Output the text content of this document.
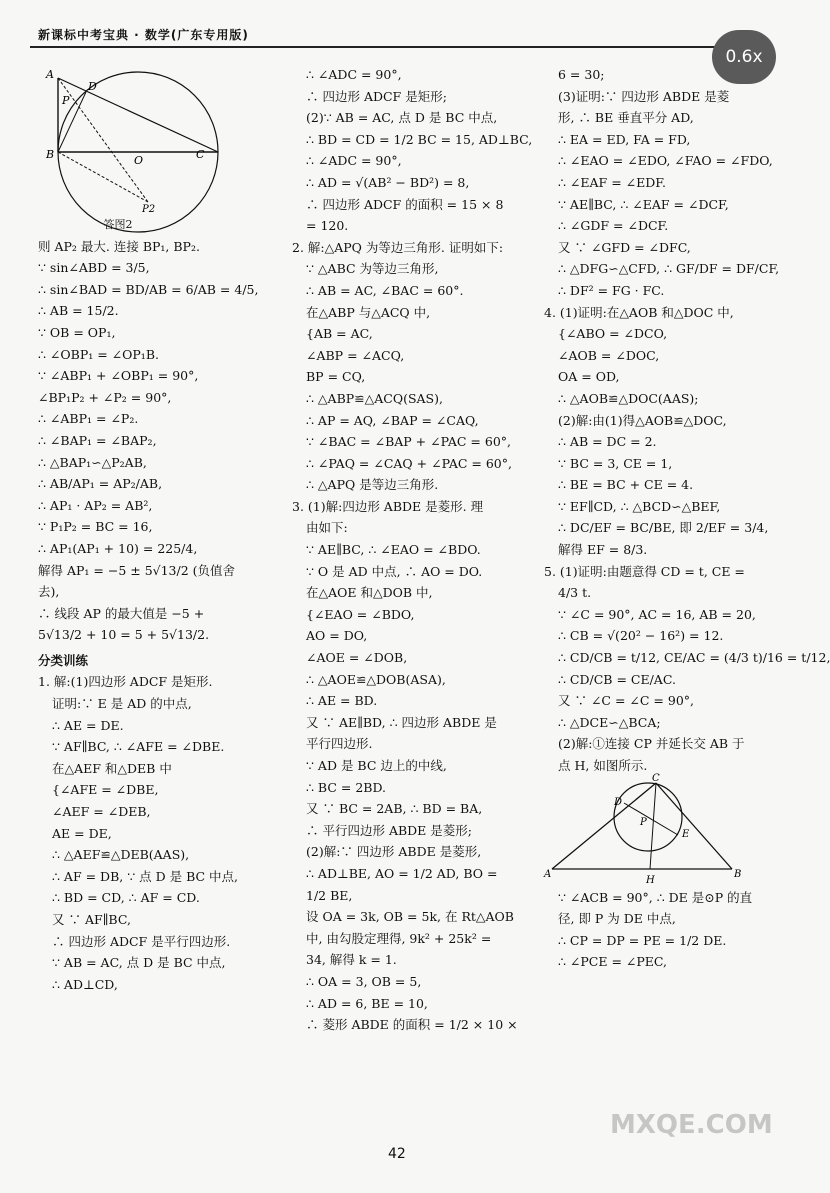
新课标中考宝典 · 数学(广东专用版)
0.6x
A
P
D
B	O	C
P2
答图2

则 AP₂ 最大. 连接 BP₁, BP₂.

∵ sin∠ABD = 3/5,

∴ sin∠BAD = BD/AB = 6/AB = 4/5,

∴ AB = 15/2.

∵ OB = OP₁,

∴ ∠OBP₁ = ∠OP₁B.

∵ ∠ABP₁ + ∠OBP₁ = 90°,

∠BP₁P₂ + ∠P₂ = 90°,

∴ ∠ABP₁ = ∠P₂.

∴ ∠BAP₁ = ∠BAP₂,

∴ △BAP₁∽△P₂AB,

∴ AB/AP₁ = AP₂/AB,

∴ AP₁ · AP₂ = AB²,

∵ P₁P₂ = BC = 16,

∴ AP₁(AP₁ + 10) = 225/4,

解得 AP₁ = −5 ± 5√13/2 (负值舍

去),

∴ 线段 AP 的最大值是 −5 +

5√13/2 + 10 = 5 + 5√13/2.

分类训练

1. 解:(1)四边形 ADCF 是矩形.

证明:∵ E 是 AD 的中点,

∴ AE = DE.

∵ AF∥BC, ∴ ∠AFE = ∠DBE.

在△AEF 和△DEB 中

{∠AFE = ∠DBE,

∠AEF = ∠DEB,

AE = DE,

∴ △AEF≌△DEB(AAS),

∴ AF = DB, ∵ 点 D 是 BC 中点,

∴ BD = CD, ∴ AF = CD.

又 ∵ AF∥BC,

∴ 四边形 ADCF 是平行四边形.

∵ AB = AC, 点 D 是 BC 中点,

∴ AD⊥CD,

∴ ∠ADC = 90°,

∴ 四边形 ADCF 是矩形;

(2)∵ AB = AC, 点 D 是 BC 中点,

∴ BD = CD = 1/2 BC = 15, AD⊥BC,

∴ ∠ADC = 90°,

∴ AD = √(AB² − BD²) = 8,

∴ 四边形 ADCF 的面积 = 15 × 8

= 120.

2. 解:△APQ 为等边三角形. 证明如下:

∵ △ABC 为等边三角形,

∴ AB = AC, ∠BAC = 60°.

在△ABP 与△ACQ 中,

{AB = AC,

∠ABP = ∠ACQ,

BP = CQ,

∴ △ABP≌△ACQ(SAS),

∴ AP = AQ, ∠BAP = ∠CAQ,

∵ ∠BAC = ∠BAP + ∠PAC = 60°,

∴ ∠PAQ = ∠CAQ + ∠PAC = 60°,

∴ △APQ 是等边三角形.

3. (1)解:四边形 ABDE 是菱形. 理

由如下:

∵ AE∥BC, ∴ ∠EAO = ∠BDO.

∵ O 是 AD 中点, ∴ AO = DO.

在△AOE 和△DOB 中,

{∠EAO = ∠BDO,

AO = DO,

∠AOE = ∠DOB,

∴ △AOE≌△DOB(ASA),

∴ AE = BD.

又 ∵ AE∥BD, ∴ 四边形 ABDE 是

平行四边形.

∵ AD 是 BC 边上的中线,

∴ BC = 2BD.

又 ∵ BC = 2AB, ∴ BD = BA,

∴ 平行四边形 ABDE 是菱形;

(2)解:∵ 四边形 ABDE 是菱形,

∴ AD⊥BE, AO = 1/2 AD, BO =

1/2 BE,

设 OA = 3k, OB = 5k, 在 Rt△AOB

中, 由勾股定理得, 9k² + 25k² =

34, 解得 k = 1.

∴ OA = 3, OB = 5,

∴ AD = 6, BE = 10,

∴ 菱形 ABDE 的面积 = 1/2 × 10 ×

6 = 30;

(3)证明:∵ 四边形 ABDE 是菱

形, ∴ BE 垂直平分 AD,

∴ EA = ED, FA = FD,

∴ ∠EAO = ∠EDO, ∠FAO = ∠FDO,

∴ ∠EAF = ∠EDF.

∵ AE∥BC, ∴ ∠EAF = ∠DCF,

∴ ∠GDF = ∠DCF.

又 ∵ ∠GFD = ∠DFC,

∴ △DFG∽△CFD, ∴ GF/DF = DF/CF,

∴ DF² = FG · FC.

4. (1)证明:在△AOB 和△DOC 中,

{∠ABO = ∠DCO,

∠AOB = ∠DOC,

OA = OD,

∴ △AOB≌△DOC(AAS);

(2)解:由(1)得△AOB≌△DOC,

∴ AB = DC = 2.

∵ BC = 3, CE = 1,

∴ BE = BC + CE = 4.

∵ EF∥CD, ∴ △BCD∽△BEF,

∴ DC/EF = BC/BE, 即 2/EF = 3/4,

解得 EF = 8/3.

5. (1)证明:由题意得 CD = t, CE =

4/3 t.

∵ ∠C = 90°, AC = 16, AB = 20,

∴ CB = √(20² − 16²) = 12.

∴ CD/CB = t/12, CE/AC = (4/3 t)/16 = t/12,

∴ CD/CB = CE/AC.

又 ∵ ∠C = ∠C = 90°,

∴ △DCE∽△BCA;

(2)解:①连接 CP 并延长交 AB 于

点 H, 如图所示.

C
D
P
E
A
H
B

∵ ∠ACB = 90°, ∴ DE 是⊙P 的直

径, 即 P 为 DE 中点,

∴ CP = DP = PE = 1/2 DE.

∴ ∠PCE = ∠PEC,

42
MXQE.COM
